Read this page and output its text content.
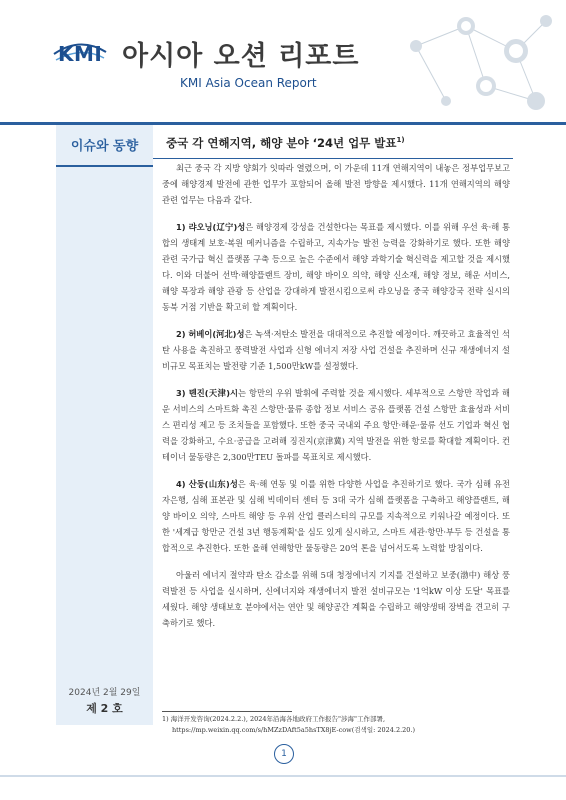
KMI 아시아 오션 리포트
KMI Asia Ocean Report
이슈와 동향
2024년 2월 29일
제 2 호
중국 각 연해지역, 해양 분야 ‘24년 업무 발표$^{1)}$

최근 중국 각 지방 양회가 잇따라 열렸으며, 이 가운데 11개 연해지역이 내놓은 정부업무보고 중에 해양경제 발전에 관한 업무가 포함되어 올해 발전 방향을 제시했다. 11개 연해지역의 해양 관련 업무는 다음과 같다.

1) 랴오닝(辽宁)성은 해양경제 강성을 건설한다는 목표를 제시했다. 이를 위해 우선 육·해 통합의 생태계 보호·복원 메커니즘을 수립하고, 지속가능 발전 능력을 강화하기로 했다. 또한 해양 관련 국가급 혁신 플랫폼 구축 등으로 높은 수준에서 해양 과학기술 혁신력을 제고할 것을 제시했다. 이와 더불어 선박·해양플랜트 장비, 해양 바이오 의약, 해양 신소재, 해양 정보, 해운 서비스, 해양 목장과 해양 관광 등 산업을 강대하게 발전시킴으로써 랴오닝을 중국 해양강국 전략 실시의 동북 거점 기반을 확고히 할 계획이다.

2) 허베이(河北)성은 녹색·저탄소 발전을 대대적으로 추진할 예정이다. 깨끗하고 효율적인 석탄 사용을 촉진하고 풍력발전 사업과 신형 에너지 저장 사업 건설을 추진하며 신규 재생에너지 설비규모 목표치는 발전량 기준 1,500만kW를 설정했다.

3) 톈진(天津)시는 항만의 우위 발휘에 주력할 것을 제시했다. 세부적으로 스항만 작업과 해운 서비스의 스마트화 촉진 스항만·물류 종합 정보 서비스 공유 플랫폼 건설 스항만 효율성과 서비스 편리성 제고 등 조치들을 포함했다. 또한 중국 국내외 주요 항만·해운·물류 선도 기업과 혁신 협력을 강화하고, 수요·공급을 고려해 징진지(京津冀) 지역 발전을 위한 항로를 확대할 계획이다. 컨테이너 물동량은 2,300만TEU 돌파를 목표치로 제시했다.

4) 산둥(山东)성은 육·해 연동 및 이를 위한 다양한 사업을 추진하기로 했다. 국가 심해 유전자은행, 심해 표본관 및 심해 빅데이터 센터 등 3대 국가 심해 플랫폼을 구축하고 해양플랜트, 해양 바이오 의약, 스마트 해양 등 우위 산업 클러스터의 규모를 지속적으로 키워나갈 예정이다. 또한 '세계급 항만군 건설 3년 행동계획'을 심도 있게 실시하고, 스마트 세관·항만·부두 등 건설을 통합적으로 추진한다. 또한 올해 연해항만 물동량은 20억 톤을 넘어서도록 노력할 방침이다.

아울러 에너지 절약과 탄소 감소를 위해 5대 청정에너지 기지를 건설하고 보중(渤中) 해상 풍력발전 등 사업을 실시하며, 신에너지와 재생에너지 발전 설비규모는 '1억kW 이상 도달' 목표를 세웠다. 해양 생태보호 분야에서는 연안 및 해양공간 계획을 수립하고 해양생태 장벽을 견고히 구축하기로 했다.

1) 海洋开发咨询(2024.2.2.), 2024年沿海各地政府工作报告"涉海"工作部署,
https://mp.weixin.qq.com/s/hMZzDAft5a5hsTX8jE-cow(검색일: 2024.2.20.)
1
